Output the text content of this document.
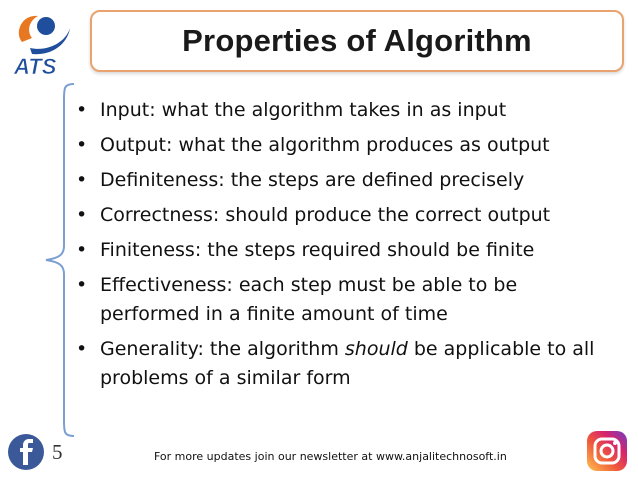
ATS
Properties of Algorithm
• Input: what the algorithm takes in as input
• Output: what the algorithm produces as output
• Definiteness: the steps are defined precisely
• Correctness: should produce the correct output
• Finiteness: the steps required should be finite
• Effectiveness: each step must be able to be performed in a finite amount of time
• Generality: the algorithm should be applicable to all problems of a similar form
5	For more updates join our newsletter at www.anjalitechnosoft.in
